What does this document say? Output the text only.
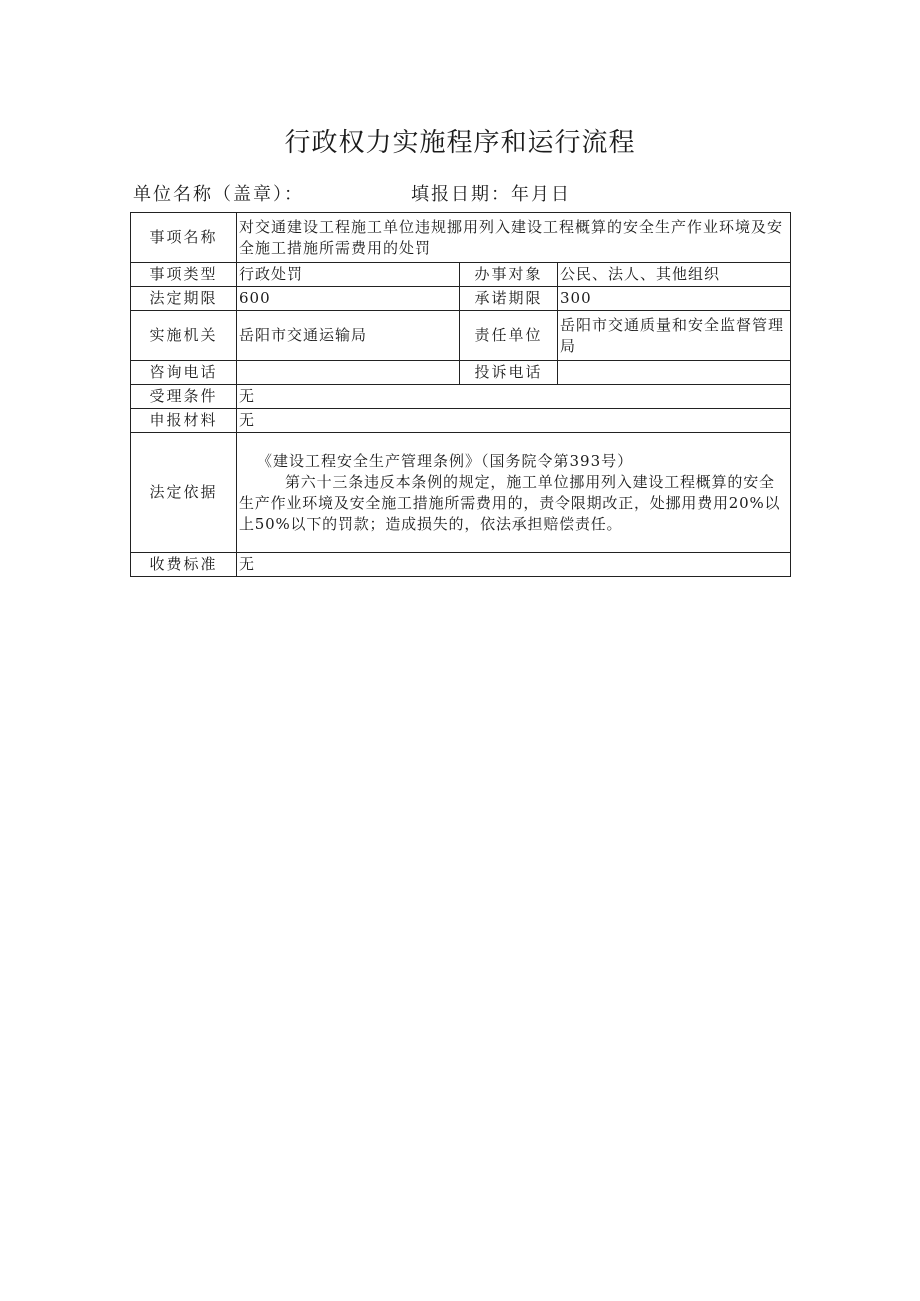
行政权力实施程序和运行流程
单位名称（盖章）：	填报日期：年月日
事项名称	对交通建设工程施工单位违规挪用列入建设工程概算的安全生产作业环境及安全施工措施所需费用的处罚		
事项类型	行政处罚	办事对象	公民、法人、其他组织
法定期限	600	承诺期限	300
实施机关	岳阳市交通运输局	责任单位	岳阳市交通质量和安全监督管理局
咨询电话		投诉电话	
受理条件	无		
申报材料	无		
法定依据	《建设工程安全生产管理条例》（国务院令第393号）
第六十三条违反本条例的规定，施工单位挪用列入建设工程概算的安全生产作业环境及安全施工措施所需费用的，责令限期改正，处挪用费用20%以上50%以下的罚款；造成损失的，依法承担赔偿责任。		

收费标准	无		
